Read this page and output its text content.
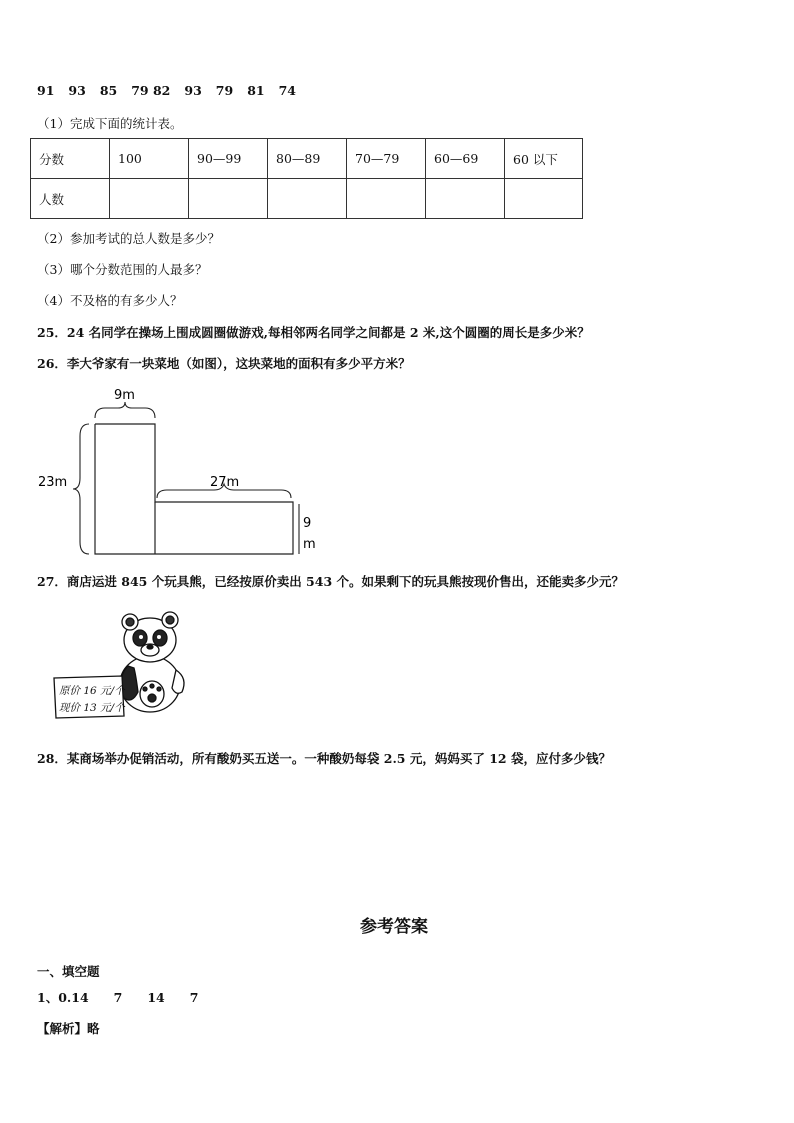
91 93 85 79 82 93 79 81 74
（1）完成下面的统计表。
分数	100	90—99	80—89	70—79	60—69	60 以下
人数						
（2）参加考试的总人数是多少？
（3）哪个分数范围的人最多？
（4）不及格的有多少人？
25．24 名同学在操场上围成圆圈做游戏,每相邻两名同学之间都是 2 米,这个圆圈的周长是多少米？
26．李大爷家有一块菜地（如图），这块菜地的面积有多少平方米？
9m
23m	27m
9
m
27．商店运进 845 个玩具熊，已经按原价卖出 543 个。如果剩下的玩具熊按现价售出，还能卖多少元？
原价 16 元/个
现价 13 元/个
28．某商场举办促销活动，所有酸奶买五送一。一种酸奶每袋 2.5 元，妈妈买了 12 袋，应付多少钱？
参考答案
一、填空题
1、0.14　　7　　14　　7
【解析】略
